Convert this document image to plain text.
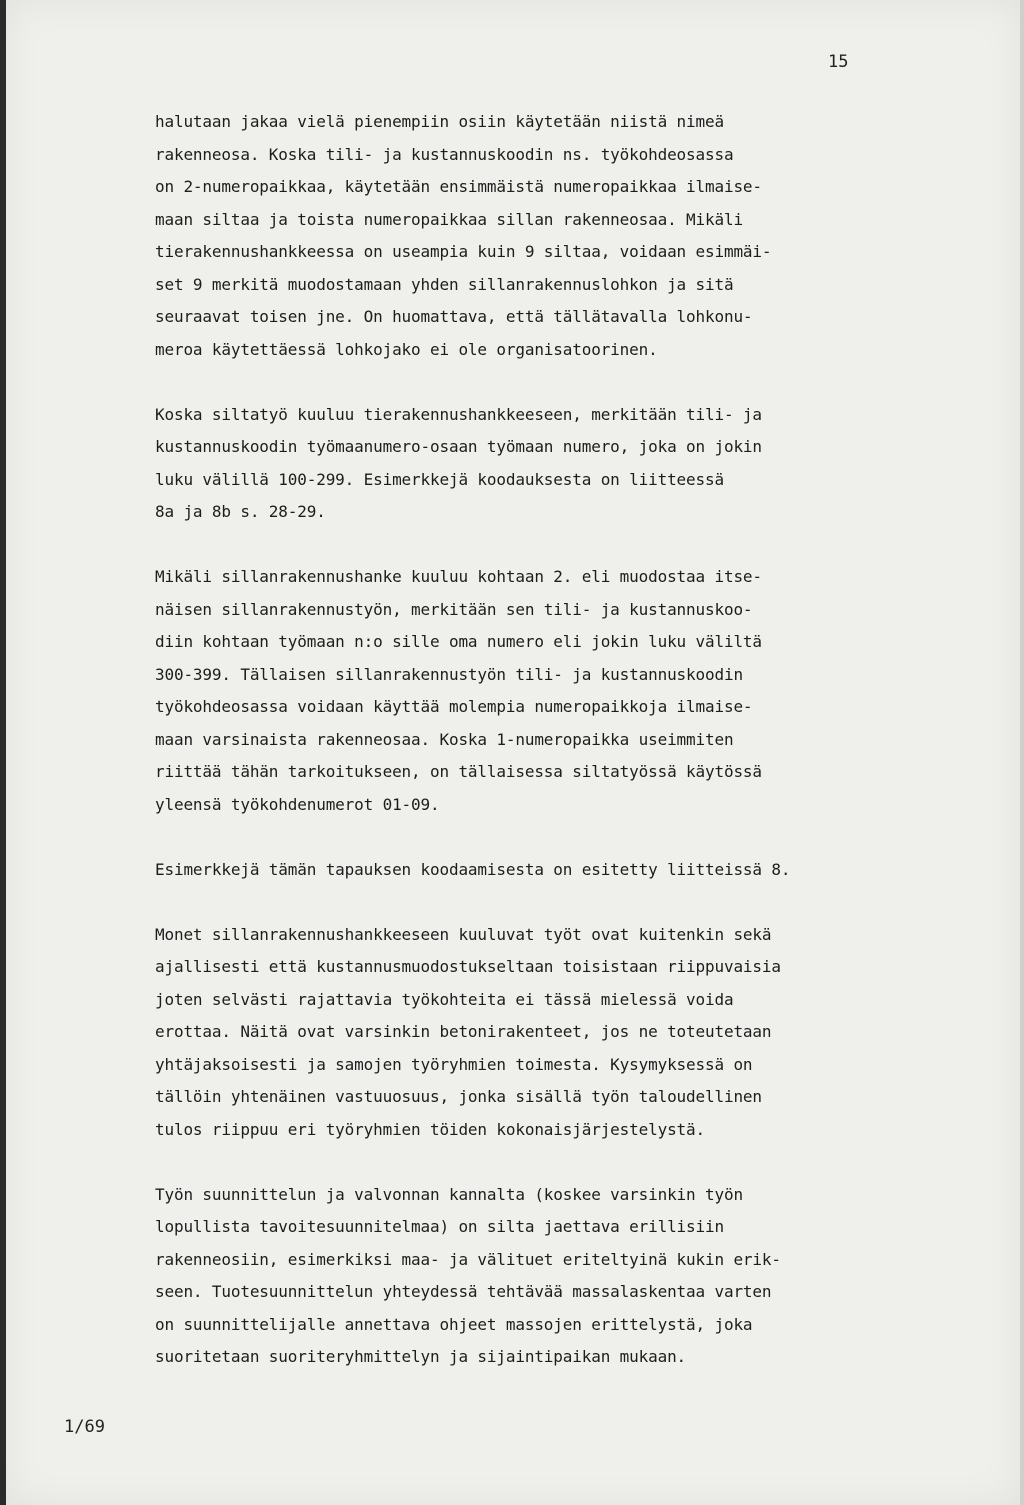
15
halutaan jakaa vielä pienempiin osiin käytetään niistä nimeä
rakenneosa. Koska tili- ja kustannuskoodin ns. työkohdeosassa
on 2-numeropaikkaa, käytetään ensimmäistä numeropaikkaa ilmaise-
maan siltaa ja toista numeropaikkaa sillan rakenneosaa. Mikäli
tierakennushankkeessa on useampia kuin 9 siltaa, voidaan esimmäi-
set 9 merkitä muodostamaan yhden sillanrakennuslohkon ja sitä
seuraavat toisen jne. On huomattava, että tällätavalla lohkonu-
meroa käytettäessä lohkojako ei ole organisatoorinen.
Koska siltatyö kuuluu tierakennushankkeeseen, merkitään tili- ja
kustannuskoodin työmaanumero-osaan työmaan numero, joka on jokin
luku välillä 100-299. Esimerkkejä koodauksesta on liitteessä
8a ja 8b s. 28-29.
Mikäli sillanrakennushanke kuuluu kohtaan 2. eli muodostaa itse-
näisen sillanrakennustyön, merkitään sen tili- ja kustannuskoo-
diin kohtaan työmaan n:o sille oma numero eli jokin luku väliltä
300-399. Tällaisen sillanrakennustyön tili- ja kustannuskoodin
työkohdeosassa voidaan käyttää molempia numeropaikkoja ilmaise-
maan varsinaista rakenneosaa. Koska 1-numeropaikka useimmiten
riittää tähän tarkoitukseen, on tällaisessa siltatyössä käytössä
yleensä työkohdenumerot 01-09.
Esimerkkejä tämän tapauksen koodaamisesta on esitetty liitteissä 8.
Monet sillanrakennushankkeeseen kuuluvat työt ovat kuitenkin sekä
ajallisesti että kustannusmuodostukseltaan toisistaan riippuvaisia
joten selvästi rajattavia työkohteita ei tässä mielessä voida
erottaa. Näitä ovat varsinkin betonirakenteet, jos ne toteutetaan
yhtäjaksoisesti ja samojen työryhmien toimesta. Kysymyksessä on
tällöin yhtenäinen vastuuosuus, jonka sisällä työn taloudellinen
tulos riippuu eri työryhmien töiden kokonaisjärjestelystä.
Työn suunnittelun ja valvonnan kannalta (koskee varsinkin työn
lopullista tavoitesuunnitelmaa) on silta jaettava erillisiin
rakenneosiin, esimerkiksi maa- ja välituet eriteltyinä kukin erik-
seen. Tuotesuunnittelun yhteydessä tehtävää massalaskentaa varten
on suunnittelijalle annettava ohjeet massojen erittelystä, joka
suoritetaan suoriteryhmittelyn ja sijaintipaikan mukaan.
1/69
